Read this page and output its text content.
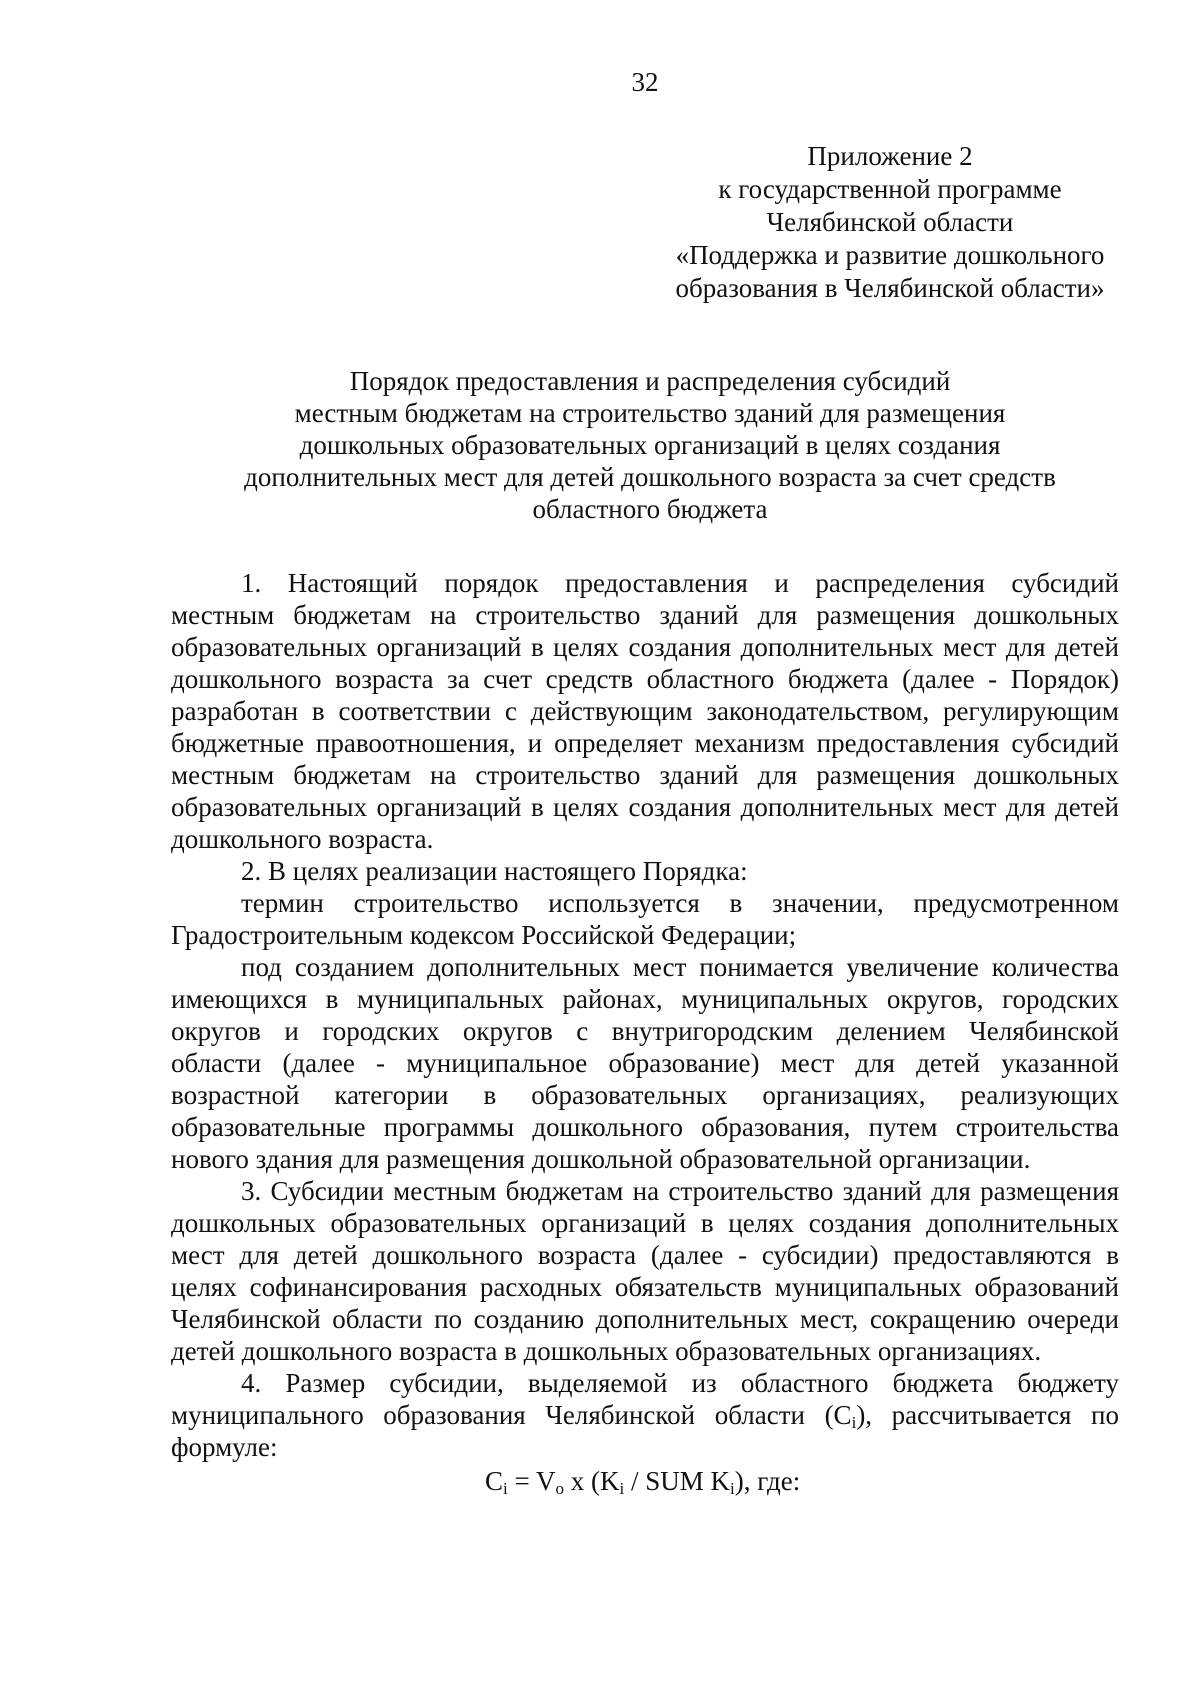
32
Приложение 2
к государственной программе
Челябинской области
«Поддержка и развитие дошкольного
образования в Челябинской области»
Порядок предоставления и распределения субсидий
местным бюджетам на строительство зданий для размещения
дошкольных образовательных организаций в целях создания
дополнительных мест для детей дошкольного возраста за счет средств
областного бюджета
1. Настоящий порядок предоставления и распределения субсидий
местным бюджетам на строительство зданий для размещения дошкольных
образовательных организаций в целях создания дополнительных мест для детей
дошкольного возраста за счет средств областного бюджета (далее - Порядок)
разработан в соответствии с действующим законодательством, регулирующим
бюджетные правоотношения, и определяет механизм предоставления субсидий
местным бюджетам на строительство зданий для размещения дошкольных
образовательных организаций в целях создания дополнительных мест для детей
дошкольного возраста.
2. В целях реализации настоящего Порядка:
термин строительство используется в значении, предусмотренном
Градостроительным кодексом Российской Федерации;
под созданием дополнительных мест понимается увеличение количества
имеющихся в муниципальных районах, муниципальных округов, городских
округов и городских округов с внутригородским делением Челябинской
области (далее - муниципальное образование) мест для детей указанной
возрастной категории в образовательных организациях, реализующих
образовательные программы дошкольного образования, путем строительства
нового здания для размещения дошкольной образовательной организации.
3. Субсидии местным бюджетам на строительство зданий для размещения
дошкольных образовательных организаций в целях создания дополнительных
мест для детей дошкольного возраста (далее - субсидии) предоставляются в
целях софинансирования расходных обязательств муниципальных образований
Челябинской области по созданию дополнительных мест, сокращению очереди
детей дошкольного возраста в дошкольных образовательных организациях.
4. Размер субсидии, выделяемой из областного бюджета бюджету
муниципального образования Челябинской области $(C_i)$, рассчитывается по
формуле:
$C_i = V_o$ x ($K_i$ / SUM $K_i$), где:
